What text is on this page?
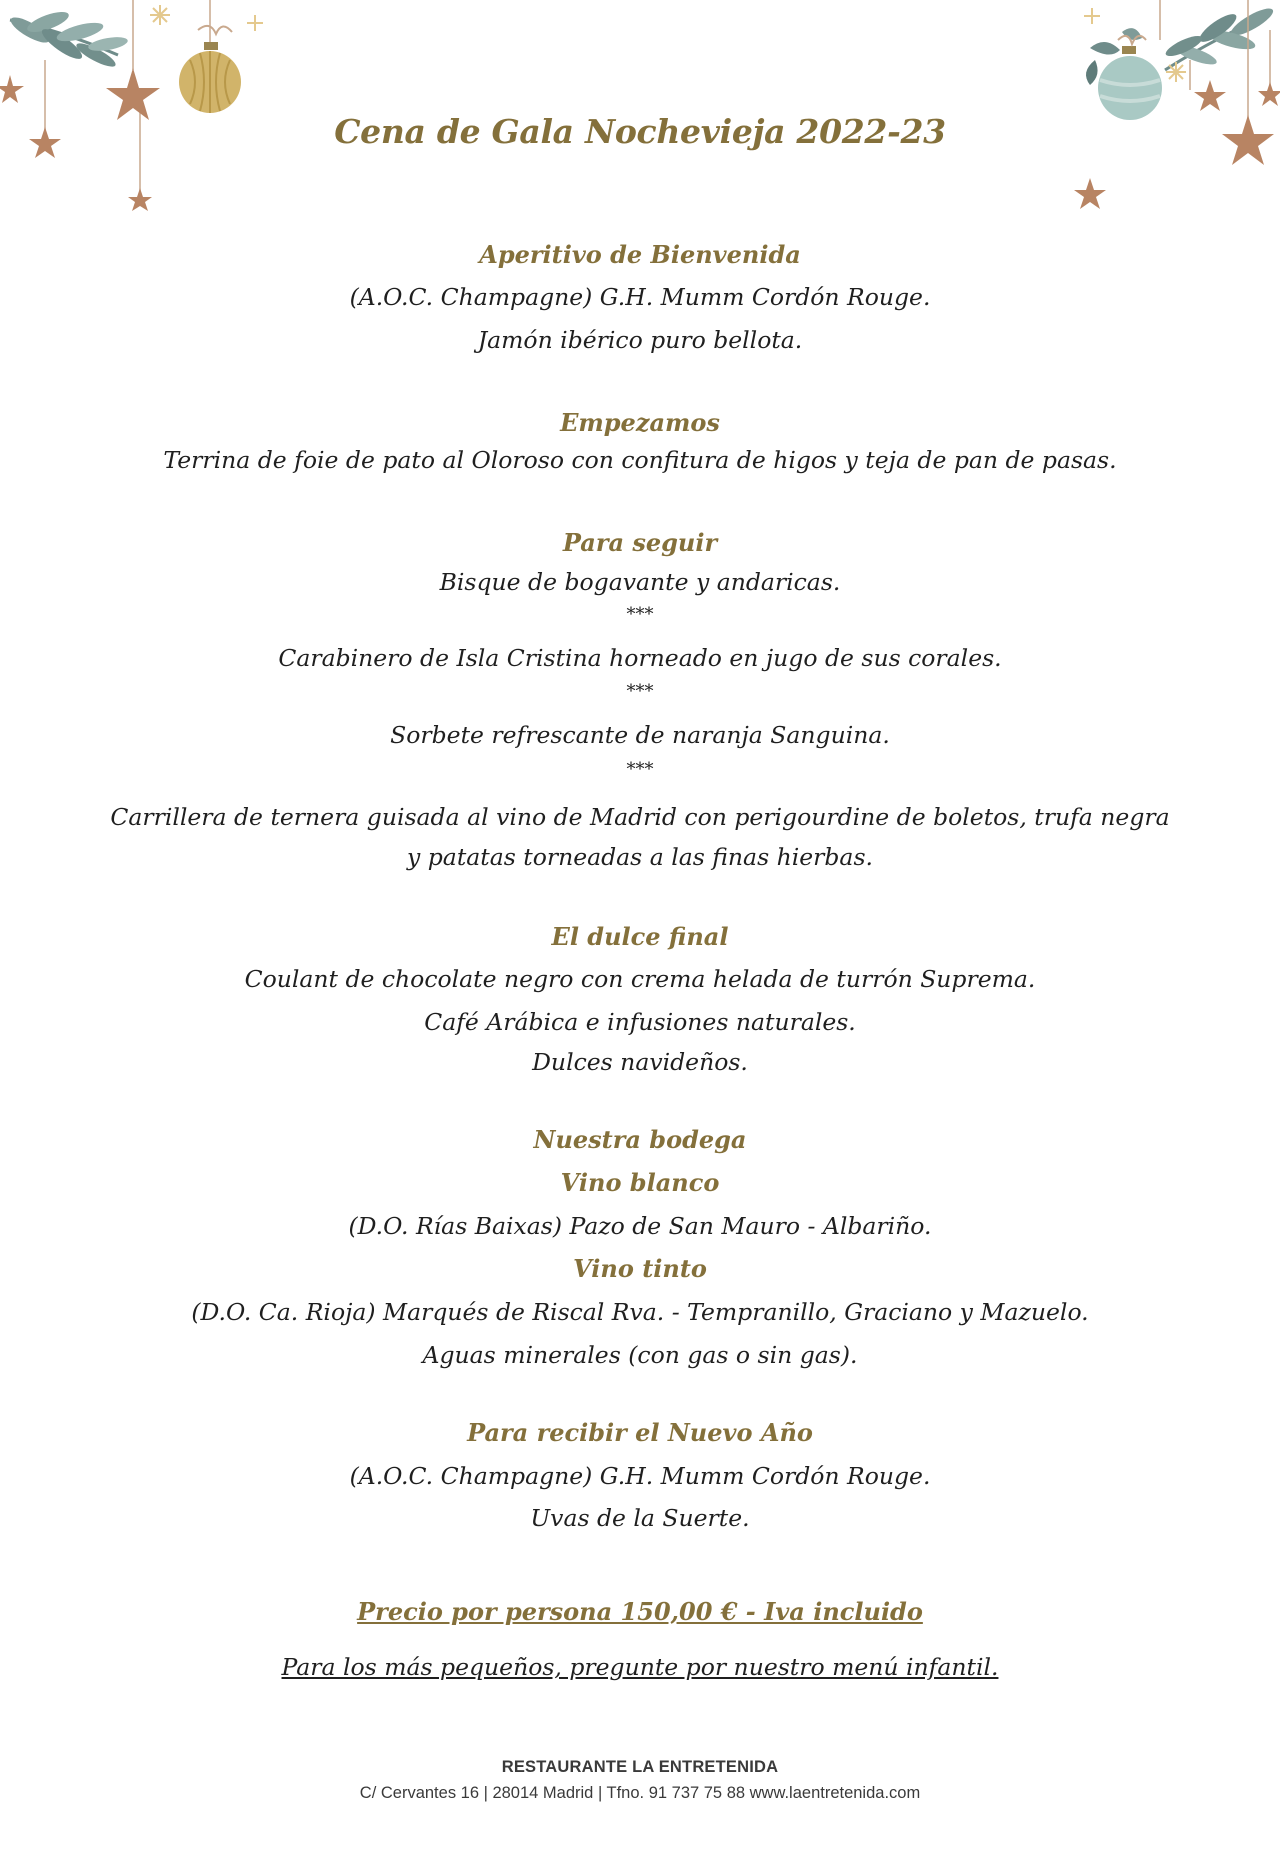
Cena de Gala Nochevieja 2022-23
Aperitivo de Bienvenida
(A.O.C. Champagne) G.H. Mumm Cordón Rouge.
Jamón ibérico puro bellota.
Empezamos
Terrina de foie de pato al Oloroso con confitura de higos y teja de pan de pasas.
Para seguir
Bisque de bogavante y andaricas.
***
Carabinero de Isla Cristina horneado en jugo de sus corales.
***
Sorbete refrescante de naranja Sanguina.
***
Carrillera de ternera guisada al vino de Madrid con perigourdine de boletos, trufa negra
y patatas torneadas a las finas hierbas.
El dulce final
Coulant de chocolate negro con crema helada de turrón Suprema.
Café Arábica e infusiones naturales.
Dulces navideños.
Nuestra bodega
Vino blanco
(D.O. Rías Baixas) Pazo de San Mauro - Albariño.
Vino tinto
(D.O. Ca. Rioja) Marqués de Riscal Rva. - Tempranillo, Graciano y Mazuelo.
Aguas minerales (con gas o sin gas).
Para recibir el Nuevo Año
(A.O.C. Champagne) G.H. Mumm Cordón Rouge.
Uvas de la Suerte.
Precio por persona 150,00 € - Iva incluido
Para los más pequeños, pregunte por nuestro menú infantil.
RESTAURANTE LA ENTRETENIDA
C/ Cervantes 16 | 28014 Madrid | Tfno. 91 737 75 88 www.laentretenida.com
